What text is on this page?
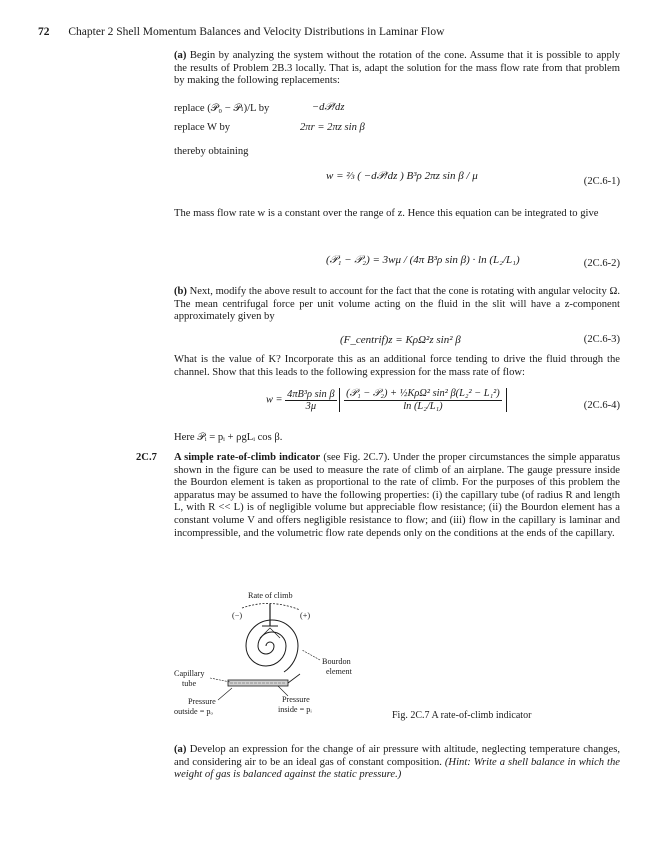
72 Chapter 2 Shell Momentum Balances and Velocity Distributions in Laminar Flow
(a) Begin by analyzing the system without the rotation of the cone. Assume that it is possible to apply the results of Problem 2B.3 locally. That is, adapt the solution for the mass flow rate from that problem by making the following replacements:
replace (𝒫₀ − 𝒫ₗ)/L by	−d𝒫/dz
replace W by	2πr = 2πz sin β
thereby obtaining
w = ⅔ ( −d𝒫/dz ) B³ρ 2πz sin β / μ	(2C.6-1)
The mass flow rate w is a constant over the range of z. Hence this equation can be integrated to give
(𝒫₁ − 𝒫₂) = 3wμ / (4π B³ρ sin β) · ln (L₂/L₁)	(2C.6-2)
(b) Next, modify the above result to account for the fact that the cone is rotating with angular velocity Ω. The mean centrifugal force per unit volume acting on the fluid in the slit will have a z-component approximately given by
(F_centrif)z = KρΩ²z sin² β	(2C.6-3)
What is the value of K? Incorporate this as an additional force tending to drive the fluid through the channel. Show that this leads to the following expression for the mass rate of flow:
$w = \frac{\text{4πB³ρ sin β}}{3\mu}$
$\frac{\text{(𝒫₁ − 𝒫₂) + ½KρΩ² sin² β(L₂² − L₁²)}}{\text{ln (L₂/L₁)}}$	(2C.6-4)
Here 𝒫ᵢ = pᵢ + ρgLᵢ cos β.
2C.7 A simple rate-of-climb indicator (see Fig. 2C.7). Under the proper circumstances the simple apparatus shown in the figure can be used to measure the rate of climb of an airplane. The gauge pressure inside the Bourdon element is taken as proportional to the rate of climb. For the purposes of this problem the apparatus may be assumed to have the following properties: (i) the capillary tube (of radius R and length L, with R << L) is of negligible volume but appreciable flow resistance; (ii) the Bourdon element has a constant volume V and offers negligible resistance to flow; and (iii) flow in the capillary is laminar and incompressible, and the volumetric flow rate depends only on the conditions at the ends of the capillary.
Rate of climb
(−)	(+)
Bourdon
element
Capillary
tube
Pressure
outside = pₒ
Pressure
inside = pᵢ
Fig. 2C.7 A rate-of-climb indicator
(a) Develop an expression for the change of air pressure with altitude, neglecting temperature changes, and considering air to be an ideal gas of constant composition. (Hint: Write a shell balance in which the weight of gas is balanced against the static pressure.)
